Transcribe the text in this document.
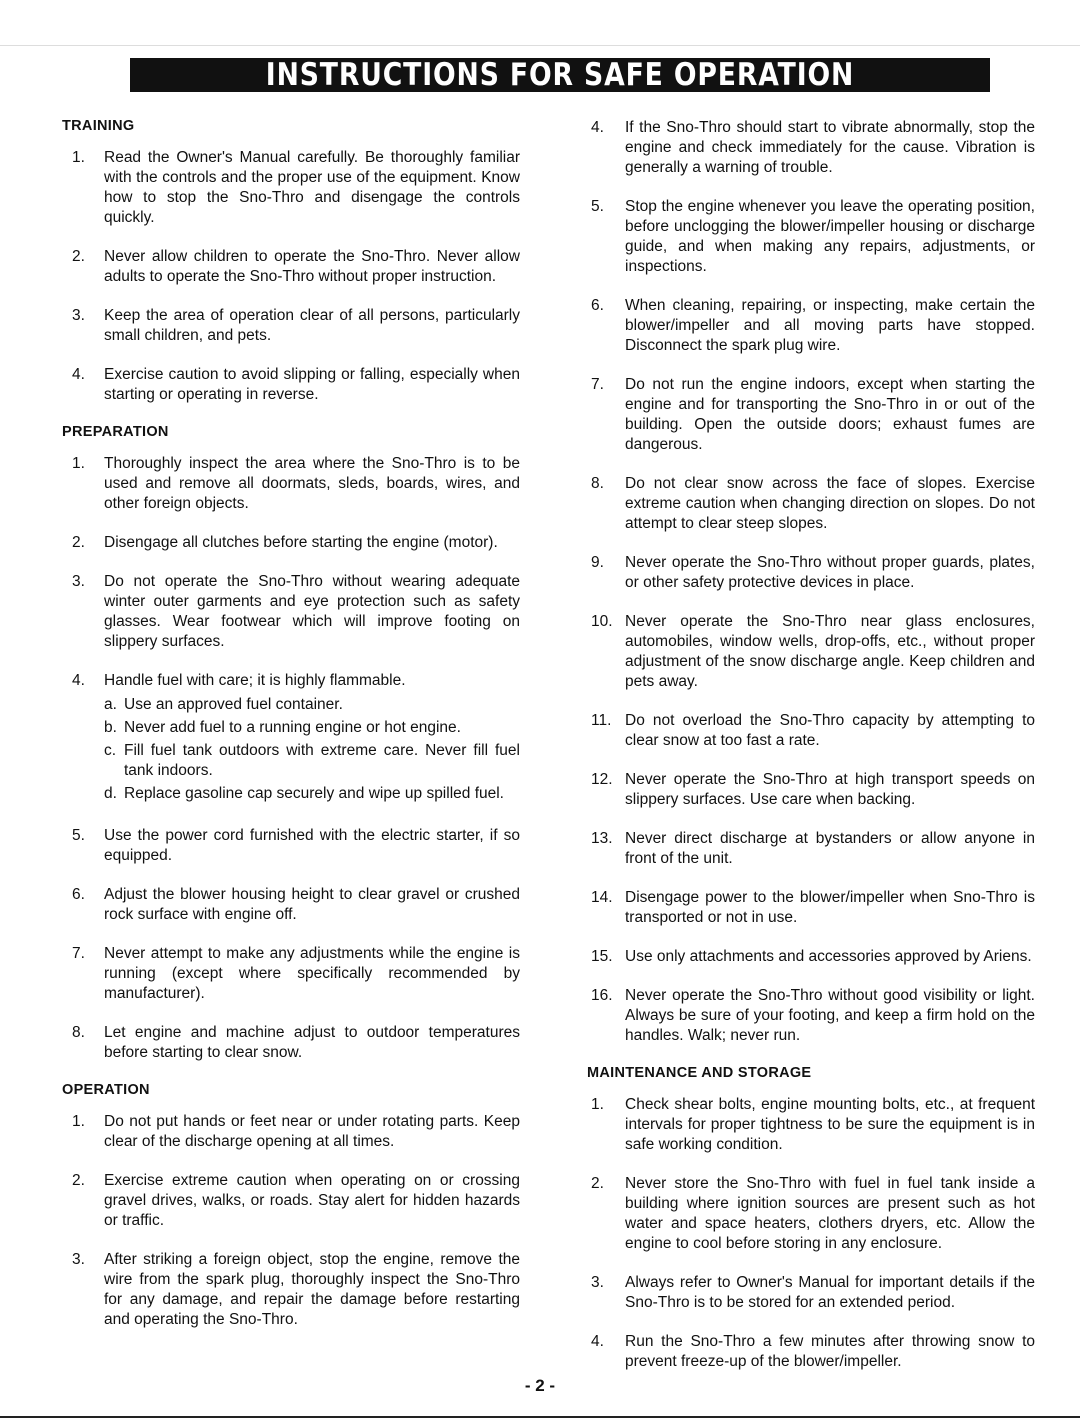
INSTRUCTIONS FOR SAFE OPERATION
TRAINING
1.	Read the Owner's Manual carefully. Be thoroughly familiar with the controls and the proper use of the equipment. Know how to stop the Sno-Thro and disengage the controls quickly.
2.	Never allow children to operate the Sno-Thro. Never allow adults to operate the Sno-Thro without proper instruction.
3.	Keep the area of operation clear of all persons, particularly small children, and pets.
4.	Exercise caution to avoid slipping or falling, especially when starting or operating in reverse.
PREPARATION
1.	Thoroughly inspect the area where the Sno-Thro is to be used and remove all doormats, sleds, boards, wires, and other foreign objects.
2.	Disengage all clutches before starting the engine (motor).
3.	Do not operate the Sno-Thro without wearing adequate winter outer garments and eye protection such as safety glasses. Wear footwear which will improve footing on slippery surfaces.
4.	Handle fuel with care; it is highly flammable.
a. Use an approved fuel container.
b. Never add fuel to a running engine or hot engine.
c. Fill fuel tank outdoors with extreme care. Never fill fuel tank indoors.
d. Replace gasoline cap securely and wipe up spilled fuel.
5.	Use the power cord furnished with the electric starter, if so equipped.
6.	Adjust the blower housing height to clear gravel or crushed rock surface with engine off.
7.	Never attempt to make any adjustments while the engine is running (except where specifically recommended by manufacturer).
8.	Let engine and machine adjust to outdoor temperatures before starting to clear snow.
OPERATION
1.	Do not put hands or feet near or under rotating parts. Keep clear of the discharge opening at all times.
2.	Exercise extreme caution when operating on or crossing gravel drives, walks, or roads. Stay alert for hidden hazards or traffic.
3.	After striking a foreign object, stop the engine, remove the wire from the spark plug, thoroughly inspect the Sno-Thro for any damage, and repair the damage before restarting and operating the Sno-Thro.
4.	If the Sno-Thro should start to vibrate abnormally, stop the engine and check immediately for the cause. Vibration is generally a warning of trouble.
5.	Stop the engine whenever you leave the operating position, before unclogging the blower/impeller housing or discharge guide, and when making any repairs, adjustments, or inspections.
6.	When cleaning, repairing, or inspecting, make certain the blower/impeller and all moving parts have stopped. Disconnect the spark plug wire.
7.	Do not run the engine indoors, except when starting the engine and for transporting the Sno-Thro in or out of the building. Open the outside doors; exhaust fumes are dangerous.
8.	Do not clear snow across the face of slopes. Exercise extreme caution when changing direction on slopes. Do not attempt to clear steep slopes.
9.	Never operate the Sno-Thro without proper guards, plates, or other safety protective devices in place.
10. Never operate the Sno-Thro near glass enclosures, automobiles, window wells, drop-offs, etc., without proper adjustment of the snow discharge angle. Keep children and pets away.
11. Do not overload the Sno-Thro capacity by attempting to clear snow at too fast a rate.
12. Never operate the Sno-Thro at high transport speeds on slippery surfaces. Use care when backing.
13. Never direct discharge at bystanders or allow anyone in front of the unit.
14. Disengage power to the blower/impeller when Sno-Thro is transported or not in use.
15. Use only attachments and accessories approved by Ariens.
16. Never operate the Sno-Thro without good visibility or light. Always be sure of your footing, and keep a firm hold on the handles. Walk; never run.
MAINTENANCE AND STORAGE
1.	Check shear bolts, engine mounting bolts, etc., at frequent intervals for proper tightness to be sure the equipment is in safe working condition.
2.	Never store the Sno-Thro with fuel in fuel tank inside a building where ignition sources are present such as hot water and space heaters, clothers dryers, etc. Allow the engine to cool before storing in any enclosure.
3.	Always refer to Owner's Manual for important details if the Sno-Thro is to be stored for an extended period.
4.	Run the Sno-Thro a few minutes after throwing snow to prevent freeze-up of the blower/impeller.
- 2 -
